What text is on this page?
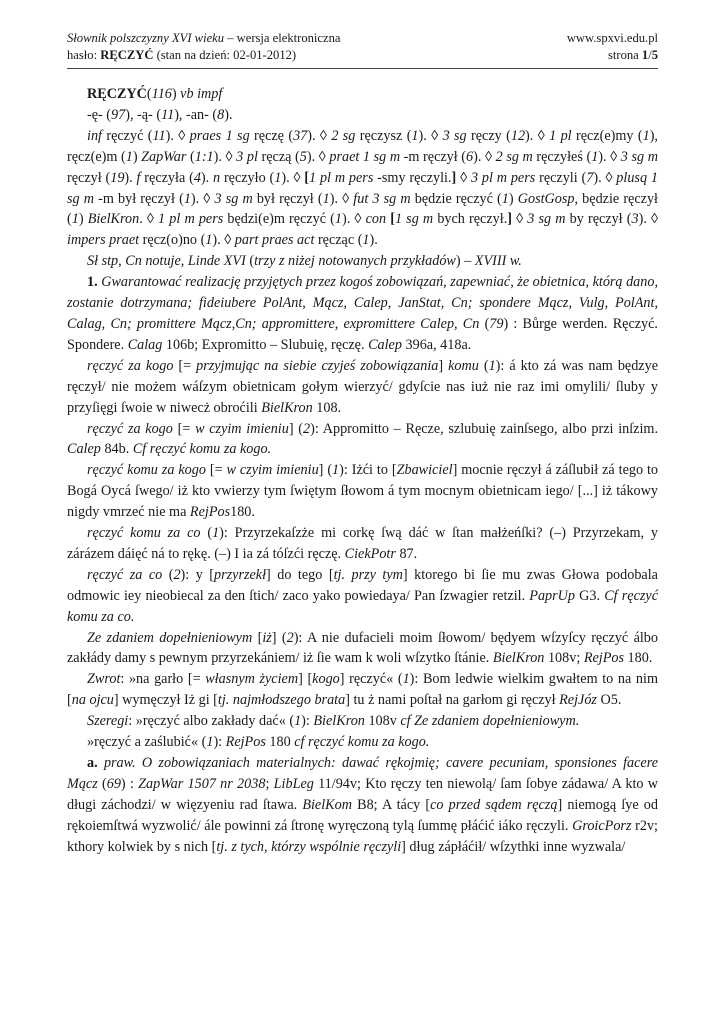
Słownik polszczyzny XVI wieku – wersja elektroniczna	www.spxvi.edu.pl
hasło: RĘCZYĆ (stan na dzień: 02-01-2012)	strona 1/5

RĘCZYĆ(116) vb impf

-ę- (97), -ą- (11), -an- (8).

inf ręczyć (11). ◊ praes 1 sg ręczę (37). ◊ 2 sg ręczysz (1). ◊ 3 sg ręczy (12). ◊ 1 pl ręcz(e)my (1), ręcz(e)m (1) ZapWar (1:1). ◊ 3 pl ręczą (5). ◊ praet 1 sg m -m ręczył (6). ◊ 2 sg m ręczyłeś (1). ◊ 3 sg m ręczył (19). f ręczyła (4). n ręczyło (1). ◊ [1 pl m pers -smy ręczyli.] ◊ 3 pl m pers ręczyli (7). ◊ plusq 1 sg m -m był ręczył (1). ◊ 3 sg m był ręczył (1). ◊ fut 3 sg m będzie ręczyć (1) GostGosp, będzie ręczył (1) BielKron. ◊ 1 pl m pers będzi(e)m ręczyć (1). ◊ con [1 sg m bych ręczył.] ◊ 3 sg m by ręczył (3). ◊ impers praet ręcz(o)no (1). ◊ part praes act ręcząc (1).

Sł stp, Cn notuje, Linde XVI (trzy z niżej notowanych przykładów) – XVIII w.

1. Gwarantować realizację przyjętych przez kogoś zobowiązań, zapewniać, że obietnica, którą dano, zostanie dotrzymana; fideiubere PolAnt, Mącz, Calep, JanStat, Cn; spondere Mącz, Vulg, PolAnt, Calag, Cn; promittere Mącz,Cn; appromittere, expromittere Calep, Cn (79) : Bůrge werden. Ręczyć. Spondere. Calag 106b; Expromitto – Slubuię, ręczę. Calep 396a, 418a.

ręczyć za kogo [= przyjmując na siebie czyjeś zobowiązania] komu (1): á kto zá was nam będzye ręczył/ nie możem wáſzym obietnicam gołym wierzyć/ gdyſcie nas iuż nie raz imi omylili/ ſluby y przyſięgi ſwoie w niwecż obroćili BielKron 108.

ręczyć za kogo [= w czyim imieniu] (2): Appromitto – Ręcze, szlubuię zainſsego, albo przi inſzim. Calep 84b. Cf ręczyć komu za kogo.

ręczyć komu za kogo [= w czyim imieniu] (1): Iżći to [Zbawiciel] mocnie ręczył á záſlubił zá tego to Bogá Oycá ſwego/ iż kto vwierzy tym ſwiętym ſłowom á tym mocnym obietnicam iego/ [...] iż tákowy nigdy vmrzeć nie ma RejPos180.

ręczyć komu za co (1): Przyrzekaſzże mi corkę ſwą dáć w ſtan małżeńſki? (–) Przyrzekam, y zárázem dáięć ná to rękę. (–) I ia zá tóſzći ręczę. CiekPotr 87.

ręczyć za co (2): y [przyrzekł] do tego [tj. przy tym] ktorego bi ſie mu zwas Głowa podobala odmowic iey nieobiecal za den ſtich/ zaco yako powiedaya/ Pan ſzwagier retzil. PaprUp G3. Cf ręczyć komu za co.

Ze zdaniem dopełnieniowym [iż] (2): A nie dufacieli moim ſłowom/ będyem wſzyſcy ręczyć álbo zakłády damy s pewnym przyrzekániem/ iż ſie wam k woli wſzytko ſtánie. BielKron 108v; RejPos 180.

Zwrot: »na garło [= własnym życiem] [kogo] ręczyć« (1): Bom ledwie wielkim gwałtem to na nim [na ojcu] wymęczył Iż gi [tj. najmłodszego brata] tu ż nami poſtał na garłom gi ręczył RejJóz O5.

Szeregi: »ręczyć albo zakłady dać« (1): BielKron 108v cf Ze zdaniem dopełnieniowym.

»ręczyć a zaślubić« (1): RejPos 180 cf ręczyć komu za kogo.

a. praw. O zobowiązaniach materialnych: dawać rękojmię; cavere pecuniam, sponsiones facere Mącz (69) : ZapWar 1507 nr 2038; LibLeg 11/94v; Kto ręczy ten niewolą/ ſam ſobye zádawa/ A kto w długi záchodzi/ w więzyeniu rad ſtawa. BielKom B8; A tácy [co przed sądem ręczą] niemogą ſye od rękoiemſtwá wyzwolić/ ále powinni zá ſtronę wyręczoną tylą ſummę płáćić iáko ręczyli. GroicPorz r2v; kthory kolwiek by s nich [tj. z tych, którzy wspólnie ręczyli] dług zápłáćił/ wſzythki inne wyzwala/
